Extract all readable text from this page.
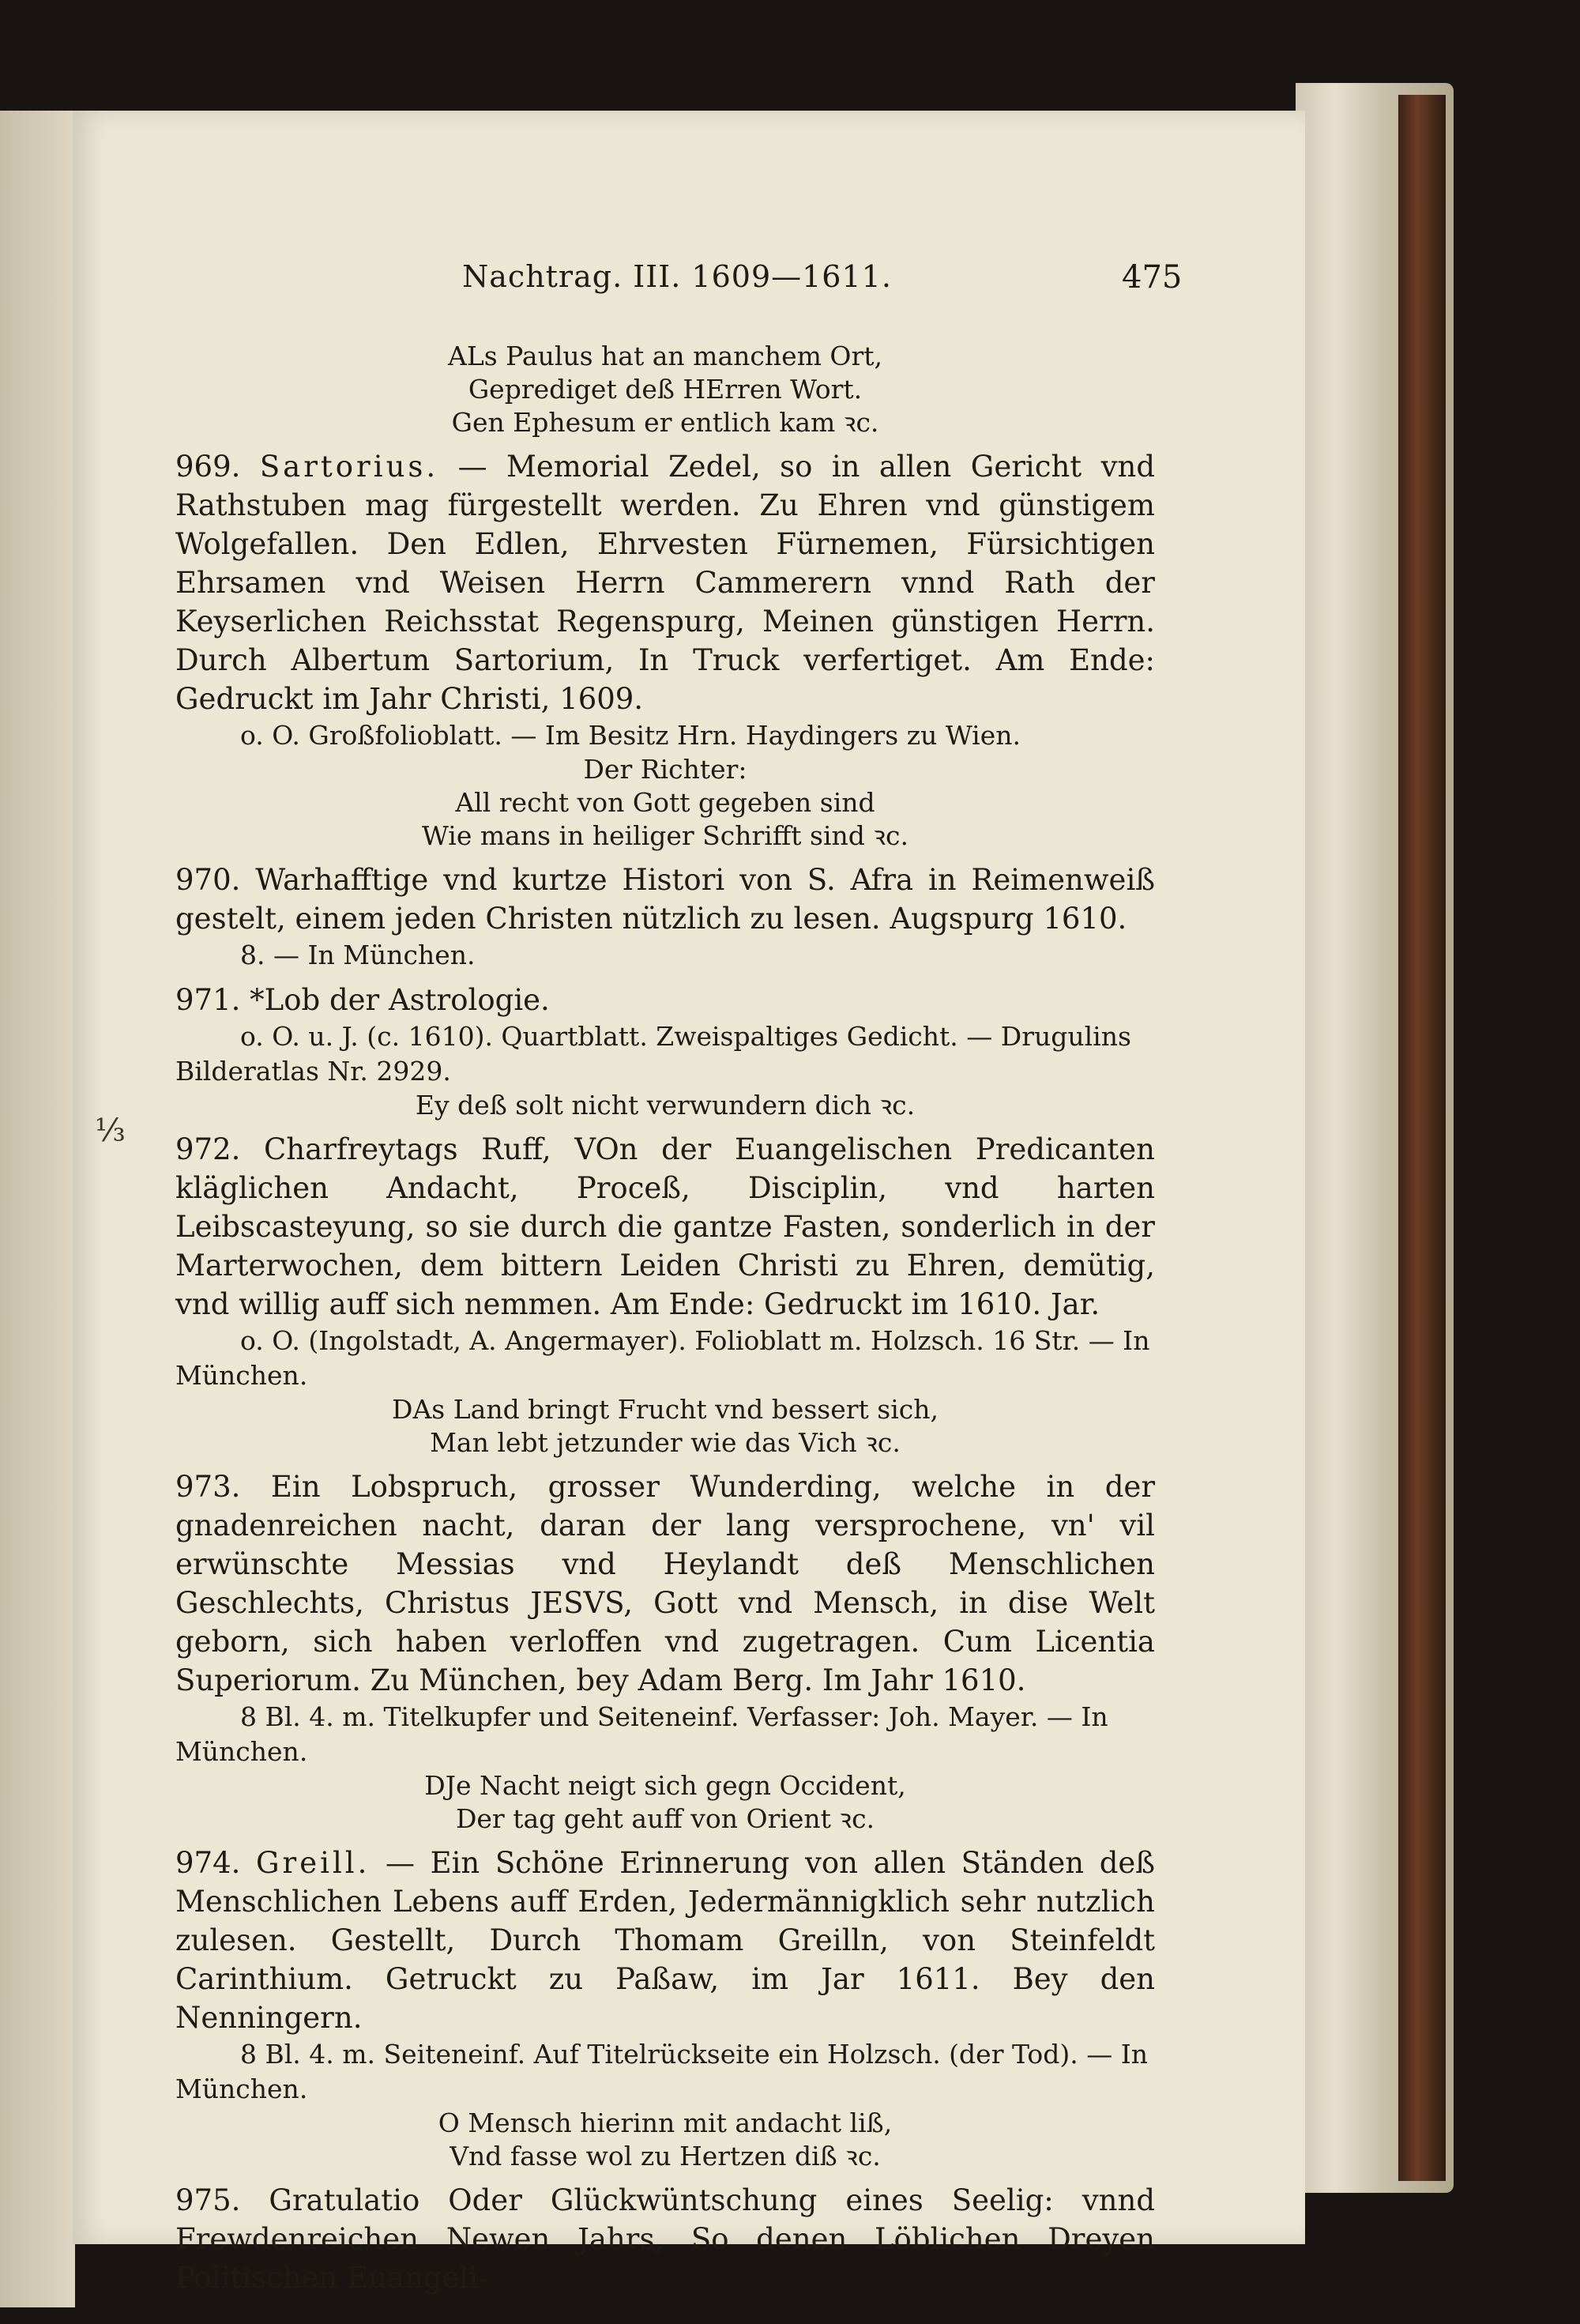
Nachtrag. III. 1609—1611.	475
⅓

ALs Paulus hat an manchem Ort,

Geprediget deß HErren Wort.

Gen Ephesum er entlich kam ꝛc.

969. Sartorius. — Memorial Zedel, so in allen Gericht vnd Rathstuben mag fürgestellt werden. Zu Ehren vnd günstigem Wolgefallen. Den Edlen, Ehrvesten Fürnemen, Fürsichtigen Ehrsamen vnd Weisen Herrn Cammerern vnnd Rath der Keyserlichen Reichsstat Regenspurg, Meinen günstigen Herrn. Durch Albertum Sartorium, In Truck verfertiget. Am Ende: Gedruckt im Jahr Christi, 1609.

o. O. Großfolioblatt. — Im Besitz Hrn. Haydingers zu Wien.

Der Richter:

All recht von Gott gegeben sind

Wie mans in heiliger Schrifft sind ꝛc.

970. Warhafftige vnd kurtze Histori von S. Afra in Reimenweiß gestelt, einem jeden Christen nützlich zu lesen. Augspurg 1610.

8. — In München.

971. *Lob der Astrologie.

o. O. u. J. (c. 1610). Quartblatt. Zweispaltiges Gedicht. — Drugulins Bilderatlas Nr. 2929.

Ey deß solt nicht verwundern dich ꝛc.

972. Charfreytags Ruff, VOn der Euangelischen Predicanten kläglichen Andacht, Proceß, Disciplin, vnd harten Leibscasteyung, so sie durch die gantze Fasten, sonderlich in der Marterwochen, dem bittern Leiden Christi zu Ehren, demütig, vnd willig auff sich nemmen. Am Ende: Gedruckt im 1610. Jar.

o. O. (Ingolstadt, A. Angermayer). Folioblatt m. Holzsch. 16 Str. — In München.

DAs Land bringt Frucht vnd bessert sich,

Man lebt jetzunder wie das Vich ꝛc.

973. Ein Lobspruch, grosser Wunderding, welche in der gnadenreichen nacht, daran der lang versprochene, vn' vil erwünschte Messias vnd Heylandt deß Menschlichen Geschlechts, Christus JESVS, Gott vnd Mensch, in dise Welt geborn, sich haben verloffen vnd zugetragen. Cum Licentia Superiorum. Zu München, bey Adam Berg. Im Jahr 1610.

8 Bl. 4. m. Titelkupfer und Seiteneinf. Verfasser: Joh. Mayer. — In München.

DJe Nacht neigt sich gegn Occident,

Der tag geht auff von Orient ꝛc.

974. Greill. — Ein Schöne Erinnerung von allen Ständen deß Menschlichen Lebens auff Erden, Jedermännigklich sehr nutzlich zulesen. Gestellt, Durch Thomam Greilln, von Steinfeldt Carinthium. Getruckt zu Paßaw, im Jar 1611. Bey den Nenningern.

8 Bl. 4. m. Seiteneinf. Auf Titelrückseite ein Holzsch. (der Tod). — In München.

O Mensch hierinn mit andacht liß,

Vnd fasse wol zu Hertzen diß ꝛc.

975. Gratulatio Oder Glückwüntschung eines Seelig: vnnd Frewdenreichen Newen Jahrs, So denen Löblichen Dreyen Politischen Euangeli-
